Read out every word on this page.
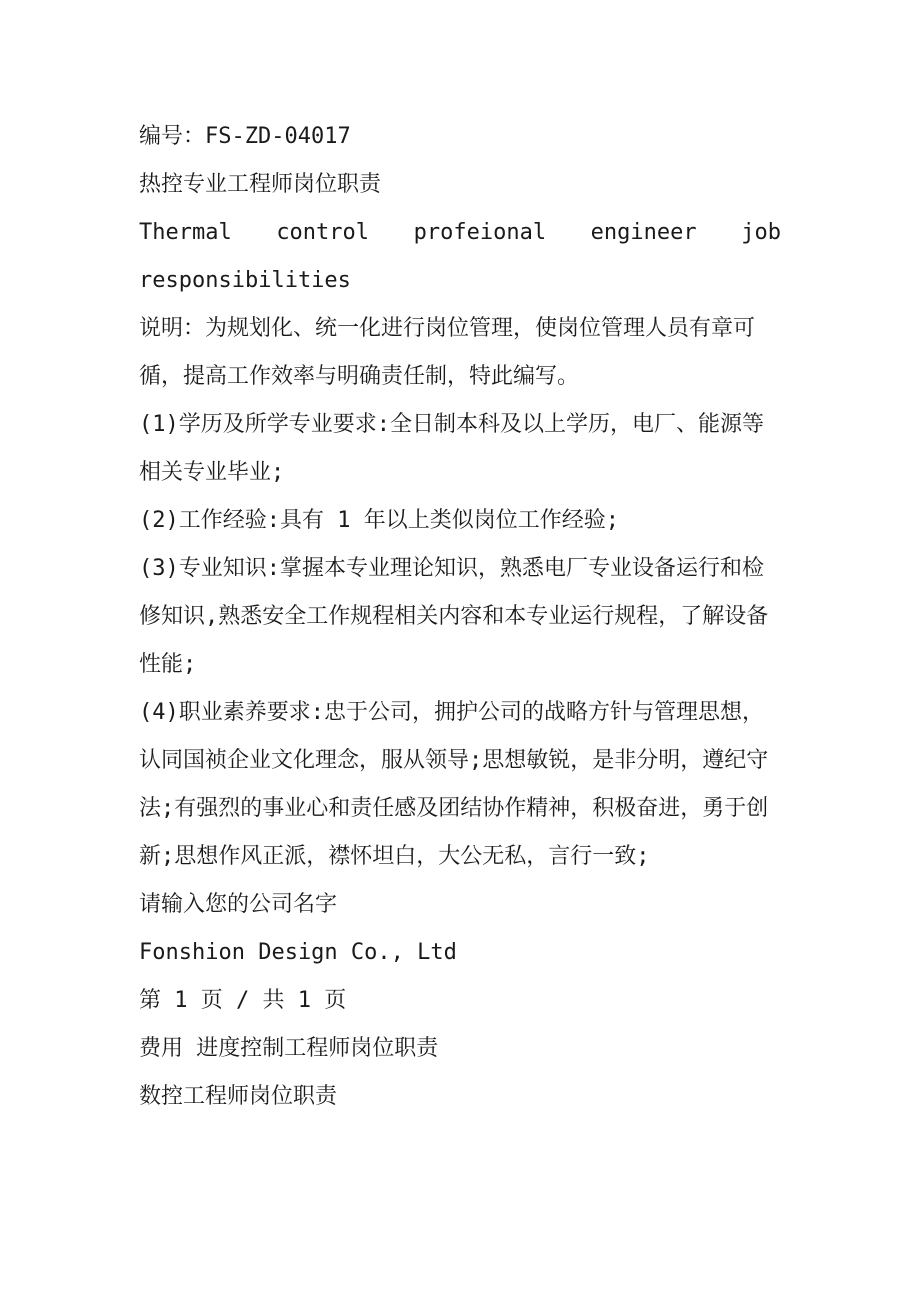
编号：FS-ZD-04017
热控专业工程师岗位职责
Thermal control profeional engineer job
responsibilities
说明：为规划化、统一化进行岗位管理，使岗位管理人员有章可循，提高工作效率与明确责任制，特此编写。
(1)学历及所学专业要求:全日制本科及以上学历，电厂、能源等相关专业毕业;
(2)工作经验:具有 1 年以上类似岗位工作经验;
(3)专业知识:掌握本专业理论知识，熟悉电厂专业设备运行和检修知识,熟悉安全工作规程相关内容和本专业运行规程，了解设备性能;
(4)职业素养要求:忠于公司，拥护公司的战略方针与管理思想，认同国祯企业文化理念，服从领导;思想敏锐，是非分明，遵纪守法;有强烈的事业心和责任感及团结协作精神，积极奋进，勇于创新;思想作风正派，襟怀坦白，大公无私，言行一致;
请输入您的公司名字
Fonshion Design Co., Ltd
第 1 页 / 共 1 页
费用 进度控制工程师岗位职责
数控工程师岗位职责
